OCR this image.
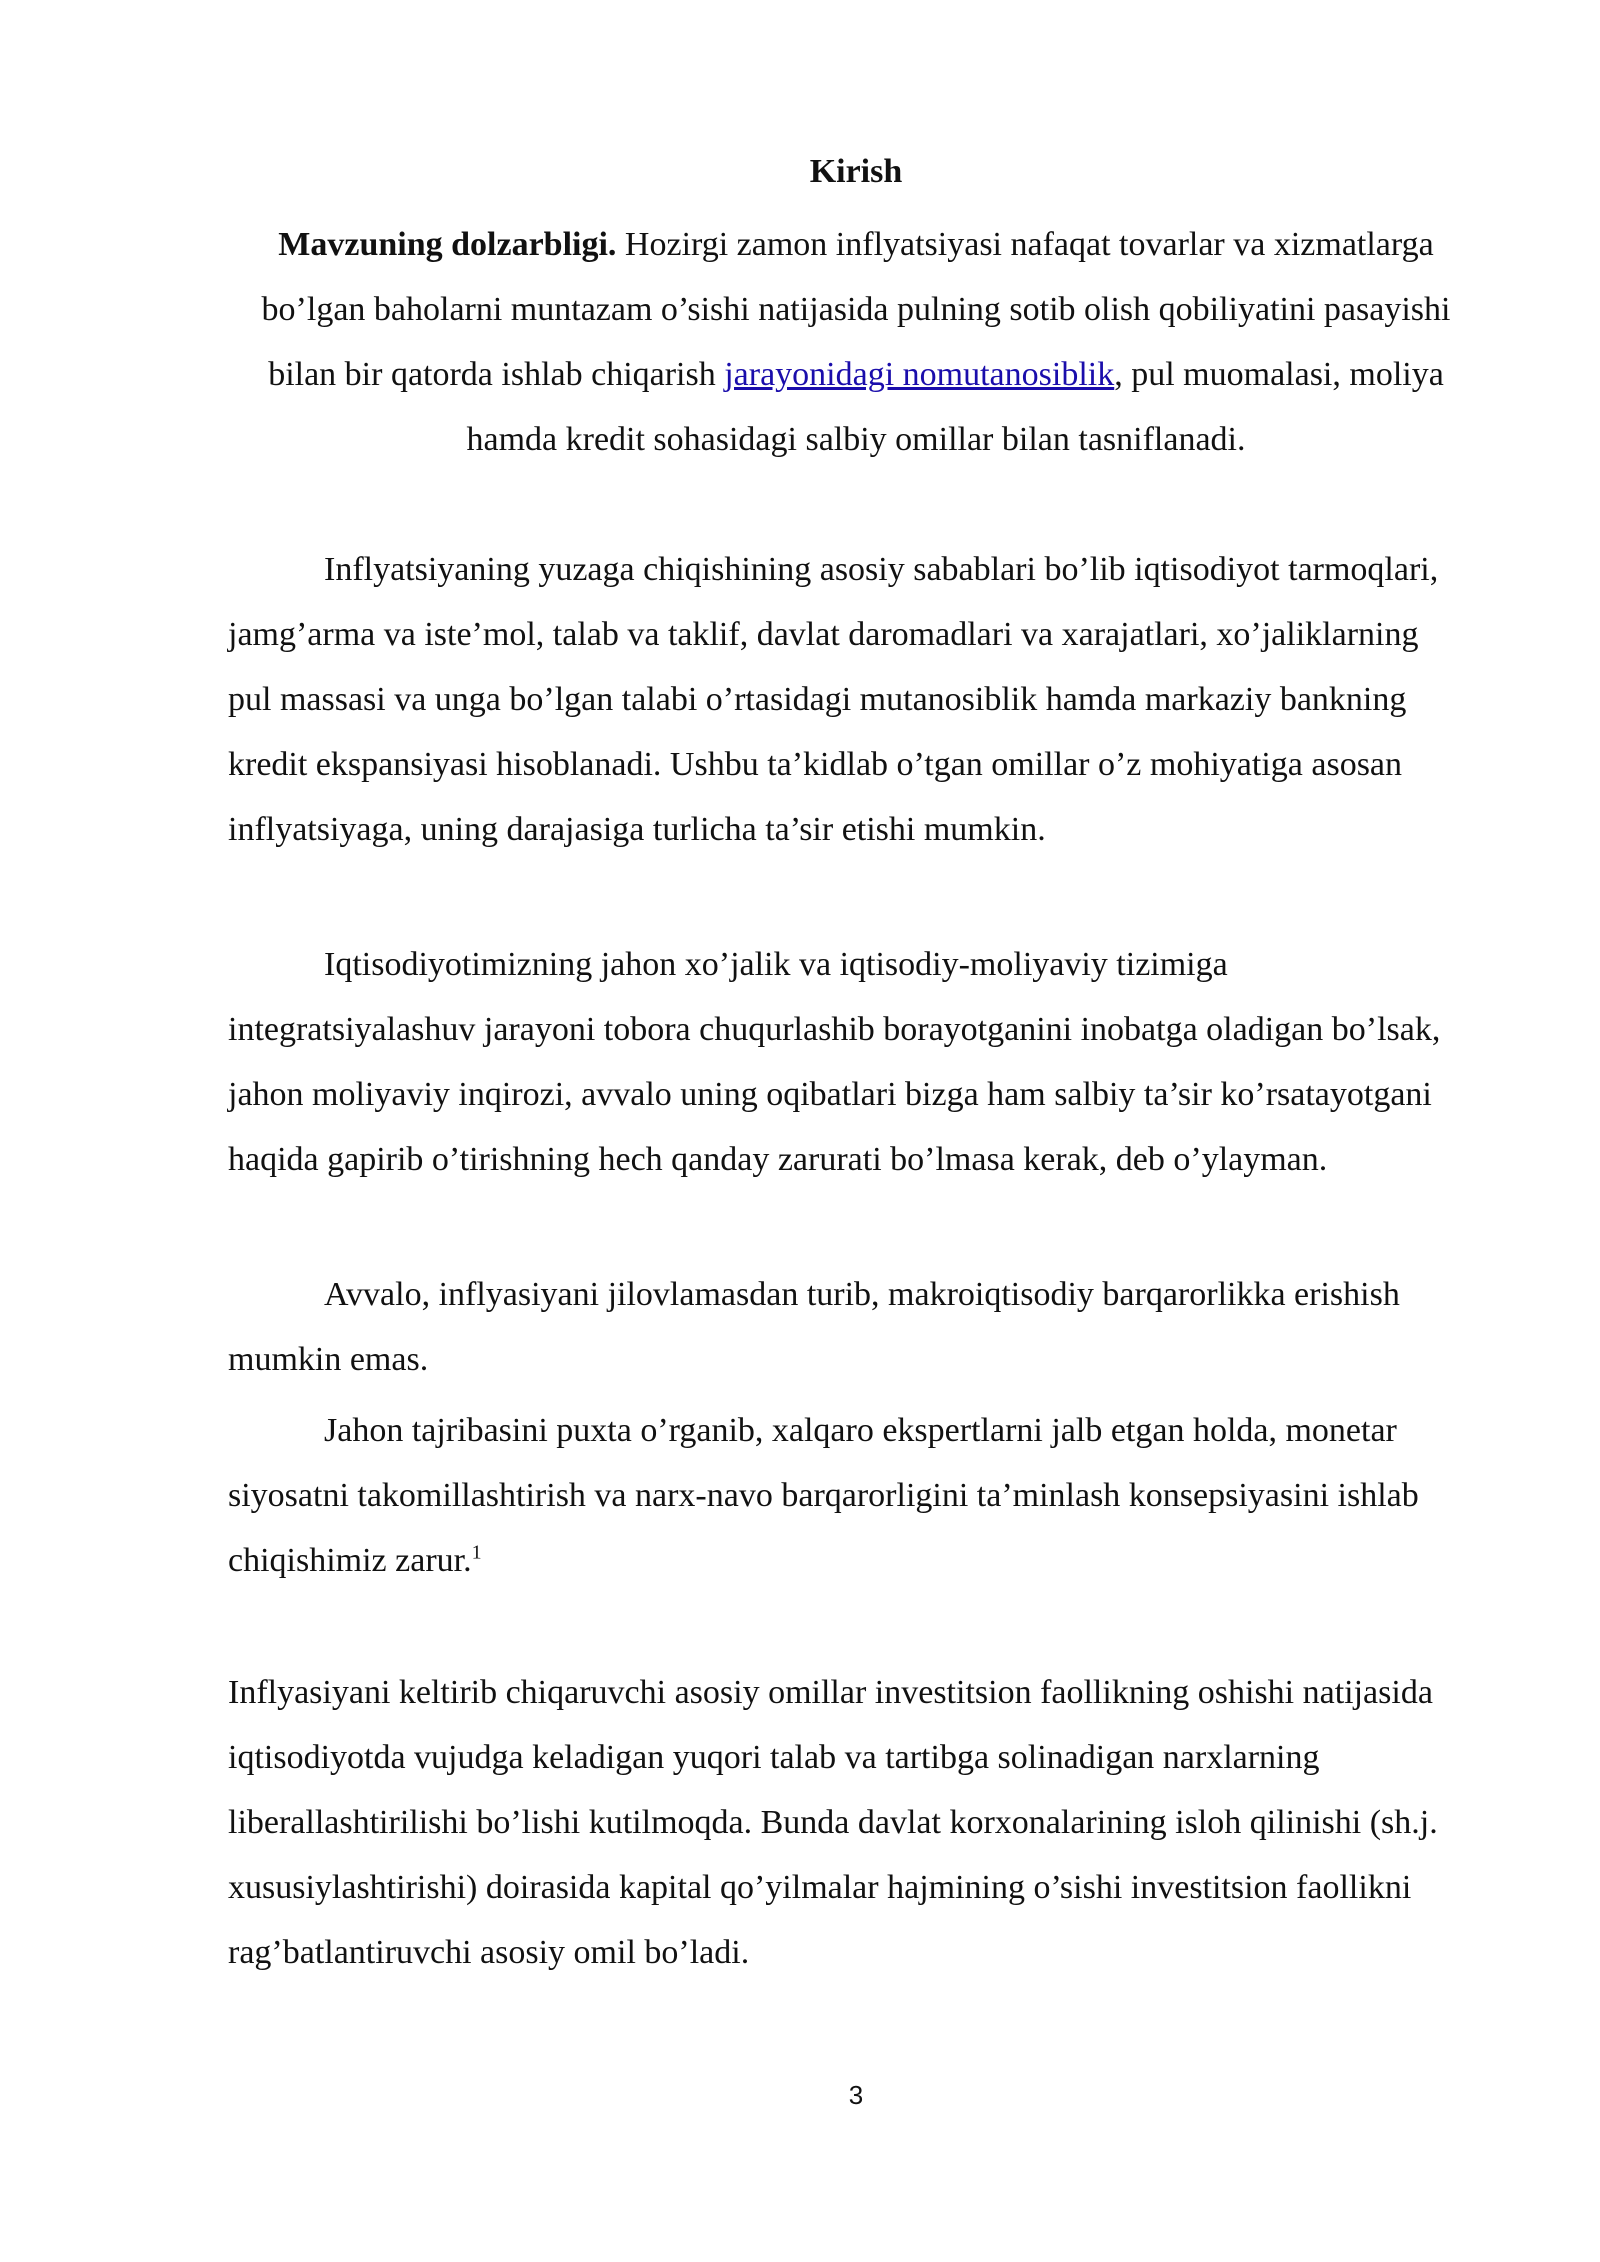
Kirish

Mavzuning dolzarbligi. Hozirgi zamon inflyatsiyasi nafaqat tovarlar va xizmatlarga bo’lgan baholarni muntazam o’sishi natijasida pulning sotib olish qobiliyatini pasayishi bilan bir qatorda ishlab chiqarish jarayonidagi nomutanosiblik, pul muomalasi, moliya hamda kredit sohasidagi salbiy omillar bilan tasniflanadi.

Inflyatsiyaning yuzaga chiqishining asosiy sabablari bo’lib iqtisodiyot tarmoqlari, jamg’arma va iste’mol, talab va taklif, davlat daromadlari va xarajatlari, xo’jaliklarning pul massasi va unga bo’lgan talabi o’rtasidagi mutanosiblik hamda markaziy bankning kredit ekspansiyasi hisoblanadi. Ushbu ta’kidlab o’tgan omillar o’z mohiyatiga asosan inflyatsiyaga, uning darajasiga turlicha ta’sir etishi mumkin.

Iqtisodiyotimizning jahon xo’jalik va iqtisodiy-moliyaviy tizimiga integratsiyalashuv jarayoni tobora chuqurlashib borayotganini inobatga oladigan bo’lsak, jahon moliyaviy inqirozi, avvalo uning oqibatlari bizga ham salbiy ta’sir ko’rsatayotgani haqida gapirib o’tirishning hech qanday zarurati bo’lmasa kerak, deb o’ylayman.

Avvalo, inflyasiyani jilovlamasdan turib, makroiqtisodiy barqarorlikka erishish mumkin emas.

Jahon tajribasini puxta o’rganib, xalqaro ekspertlarni jalb etgan holda, monetar siyosatni takomillashtirish va narx-navo barqarorligini ta’minlash konsepsiyasini ishlab chiqishimiz zarur.$^1$

Inflyasiyani keltirib chiqaruvchi asosiy omillar investitsion faollikning oshishi natijasida iqtisodiyotda vujudga keladigan yuqori talab va tartibga solinadigan narxlarning liberallashtirilishi bo’lishi kutilmoqda. Bunda davlat korxonalarining isloh qilinishi (sh.j. xususiylashtirishi) doirasida kapital qo’yilmalar hajmining o’sishi investitsion faollikni rag’batlantiruvchi asosiy omil bo’ladi.

3
